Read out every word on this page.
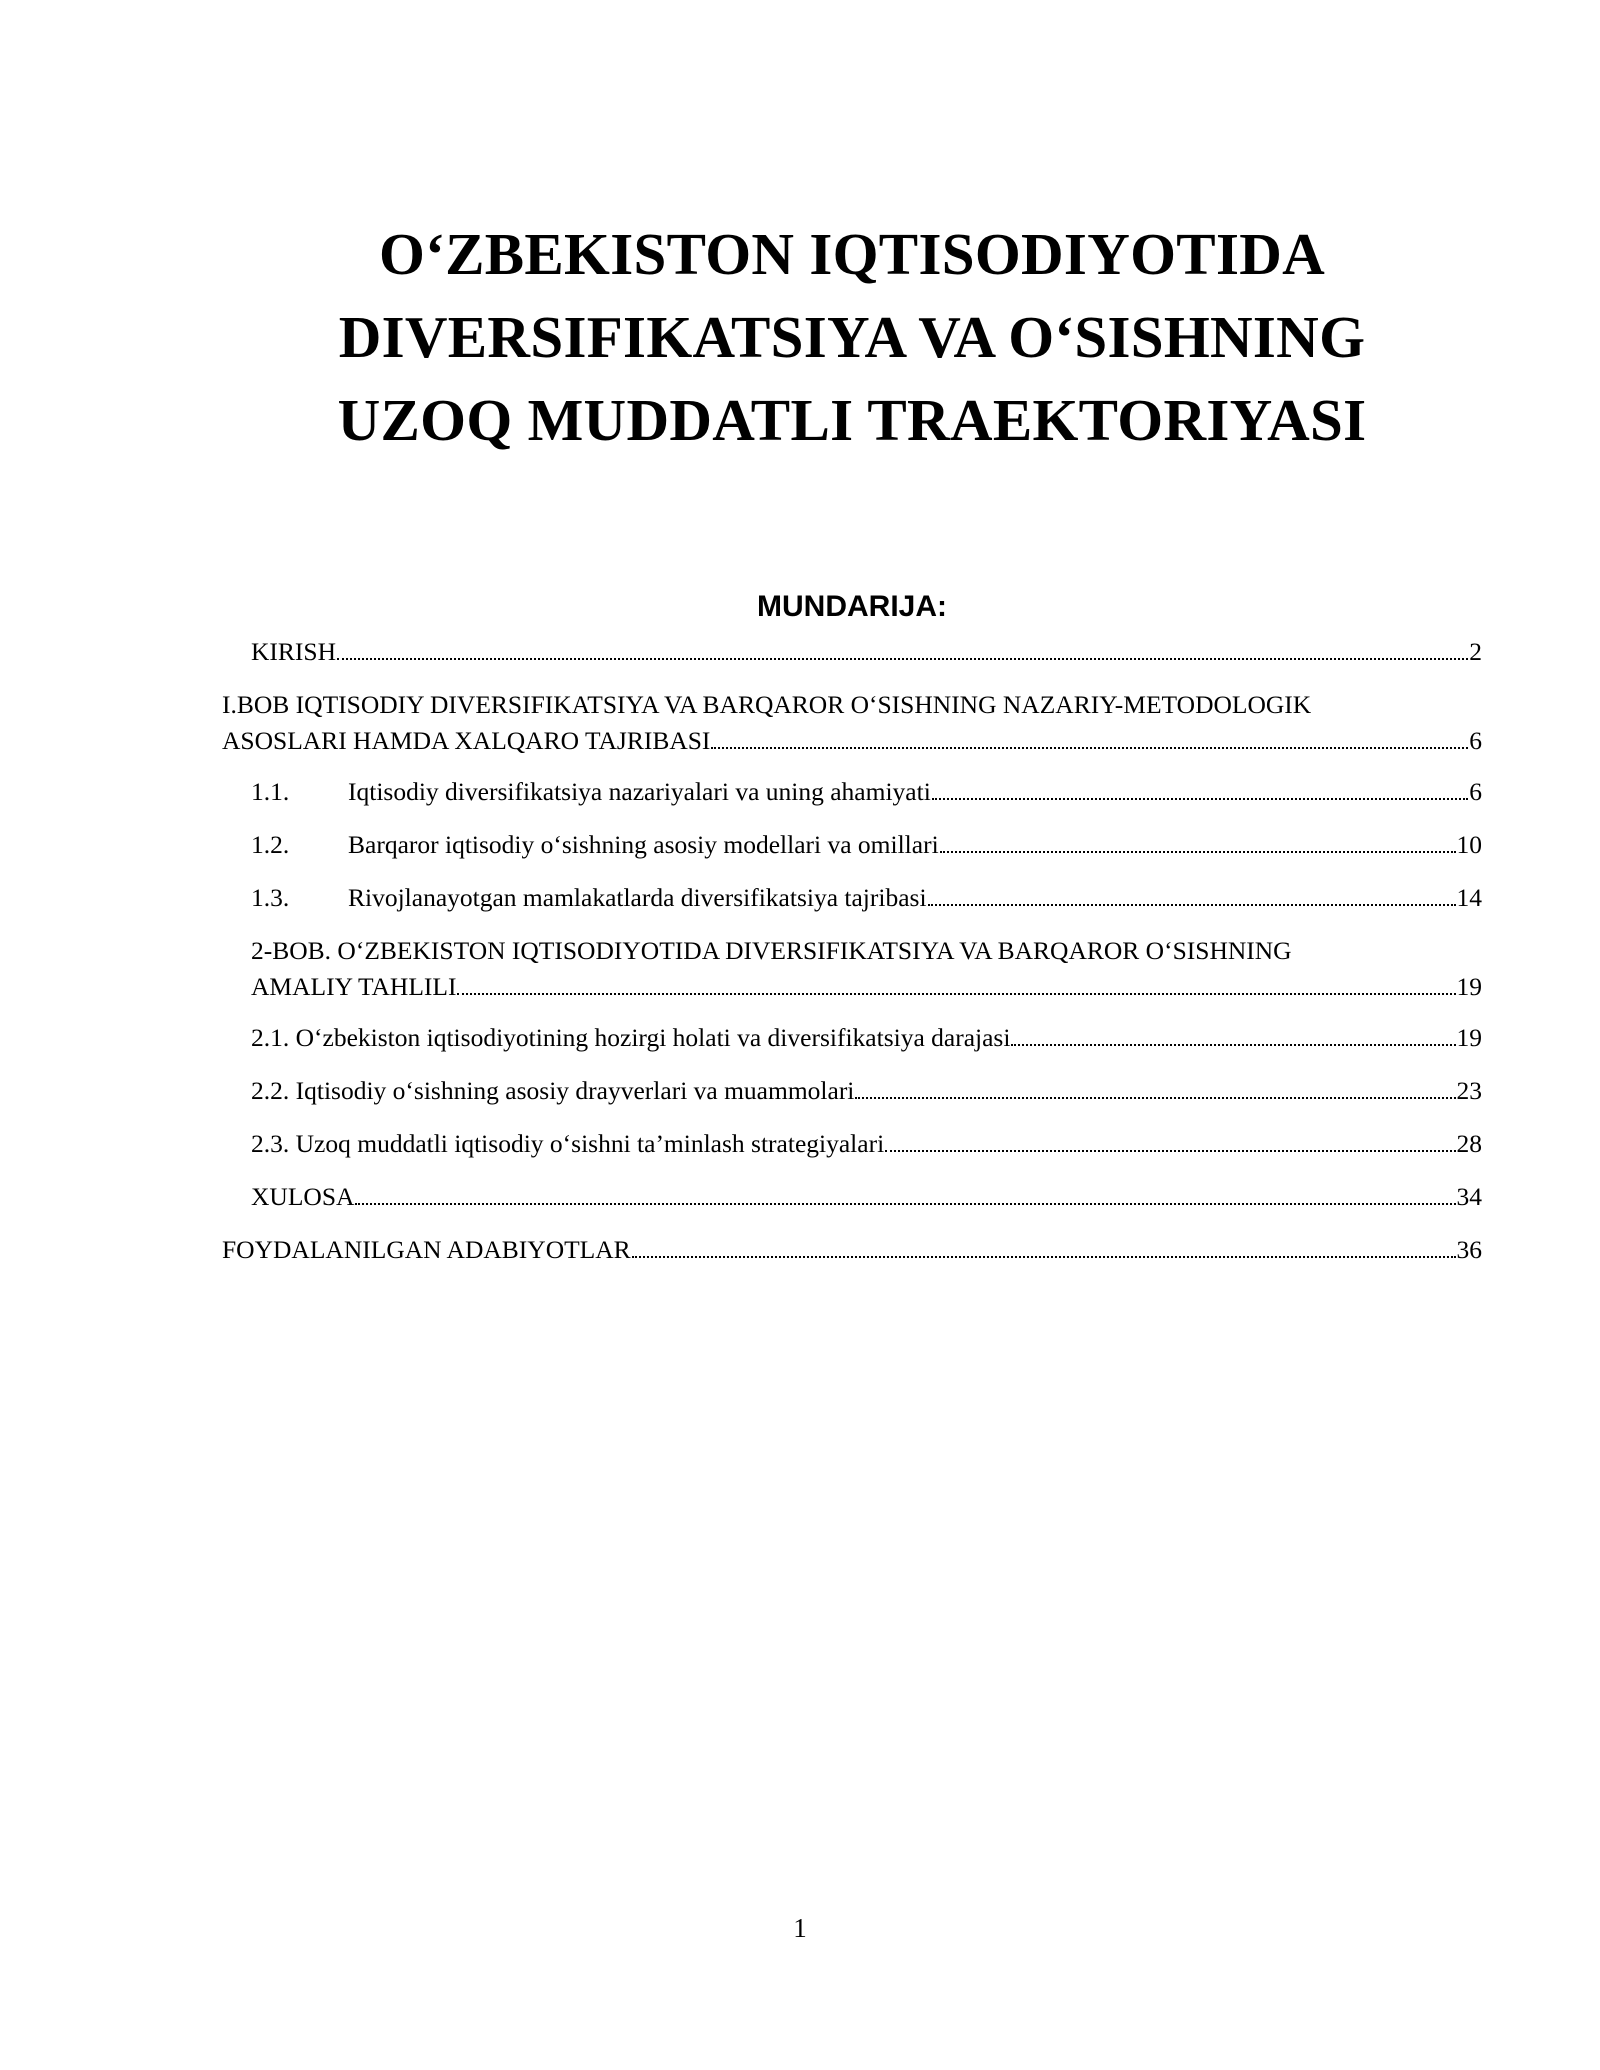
O‘ZBEKISTON IQTISODIYOTIDA
DIVERSIFIKATSIYA VA O‘SISHNING
UZOQ MUDDATLI TRAEKTORIYASI
MUNDARIJA:
KIRISH	2
I.BOB IQTISODIY DIVERSIFIKATSIYA VA BARQAROR O‘SISHNING NAZARIY-METODOLOGIK
ASOSLARI HAMDA XALQARO TAJRIBASI	6
1.1.	Iqtisodiy diversifikatsiya nazariyalari va uning ahamiyati	6
1.2.	Barqaror iqtisodiy o‘sishning asosiy modellari va omillari	10
1.3.	Rivojlanayotgan mamlakatlarda diversifikatsiya tajribasi	14
2-BOB. O‘ZBEKISTON IQTISODIYOTIDA DIVERSIFIKATSIYA VA BARQAROR O‘SISHNING
AMALIY TAHLILI	19
2.1. O‘zbekiston iqtisodiyotining hozirgi holati va diversifikatsiya darajasi	19
2.2. Iqtisodiy o‘sishning asosiy drayverlari va muammolari	23
2.3. Uzoq muddatli iqtisodiy o‘sishni ta’minlash strategiyalari	28
XULOSA	34
FOYDALANILGAN ADABIYOTLAR	36
1
